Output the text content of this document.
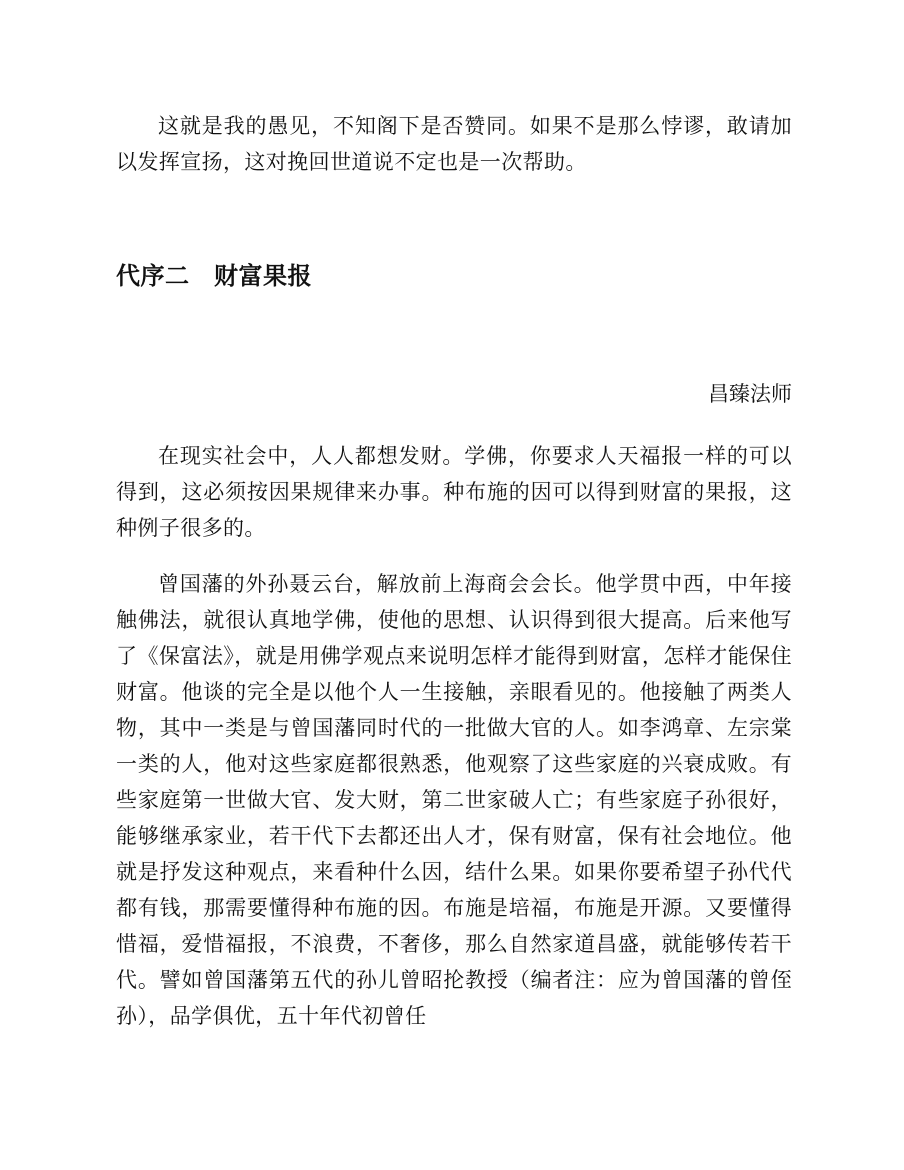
这就是我的愚见，不知阁下是否赞同。如果不是那么悖谬，敢请加以发挥宣扬，这对挽回世道说不定也是一次帮助。

代序二　财富果报

昌臻法师

在现实社会中，人人都想发财。学佛，你要求人天福报一样的可以得到，这必须按因果规律来办事。种布施的因可以得到财富的果报，这种例子很多的。

曾国藩的外孙聂云台，解放前上海商会会长。他学贯中西，中年接触佛法，就很认真地学佛，使他的思想、认识得到很大提高。后来他写了《保富法》，就是用佛学观点来说明怎样才能得到财富，怎样才能保住财富。他谈的完全是以他个人一生接触，亲眼看见的。他接触了两类人物，其中一类是与曾国藩同时代的一批做大官的人。如李鸿章、左宗棠一类的人，他对这些家庭都很熟悉，他观察了这些家庭的兴衰成败。有些家庭第一世做大官、发大财，第二世家破人亡；有些家庭子孙很好，能够继承家业，若干代下去都还出人才，保有财富，保有社会地位。他就是抒发这种观点，来看种什么因，结什么果。如果你要希望子孙代代都有钱，那需要懂得种布施的因。布施是培福，布施是开源。又要懂得惜福，爱惜福报，不浪费，不奢侈，那么自然家道昌盛，就能够传若干代。譬如曾国藩第五代的孙儿曾昭抡教授（编者注：应为曾国藩的曾侄孙），品学俱优，五十年代初曾任
